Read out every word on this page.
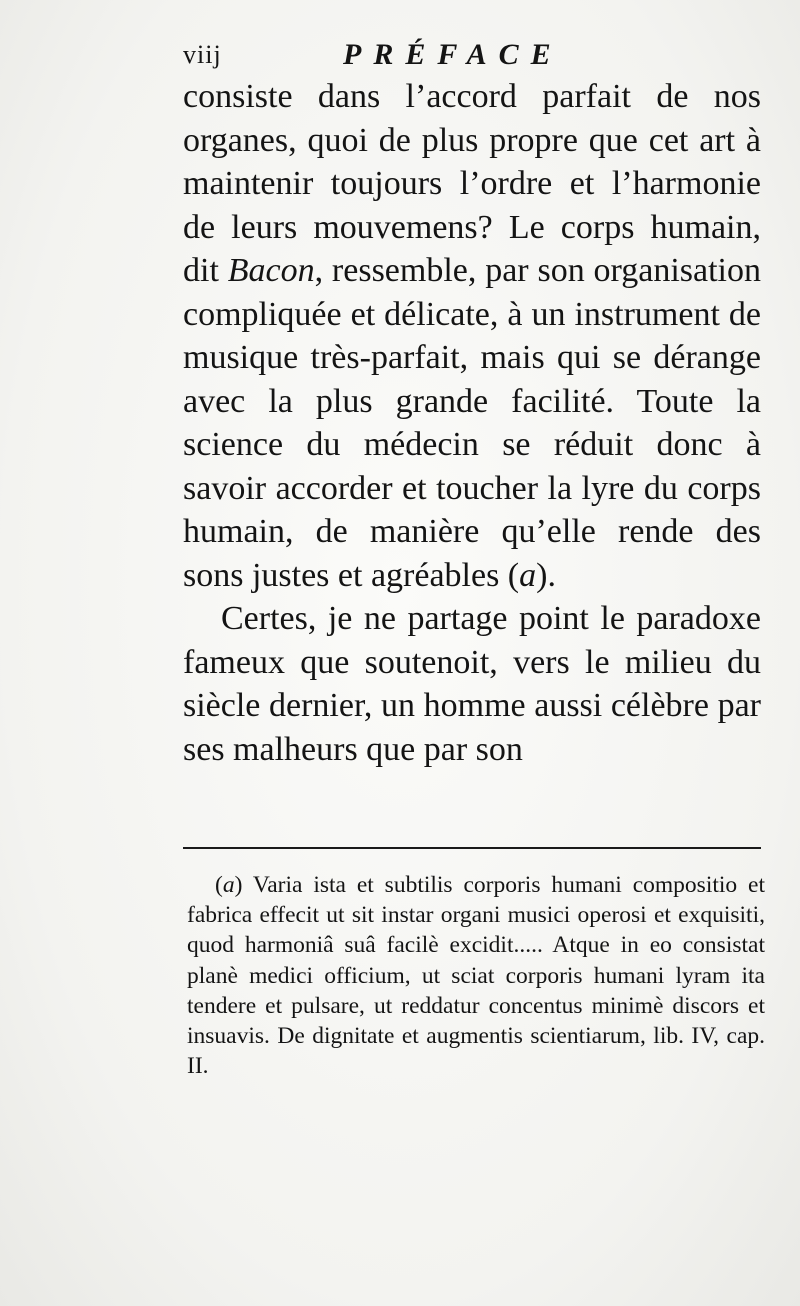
viij	PRÉFACE

consiste dans l’accord parfait de nos organes, quoi de plus propre que cet art à maintenir toujours l’ordre et l’harmonie de leurs mouvemens? Le corps humain, dit Bacon, ressemble, par son organisation compliquée et délicate, à un instrument de musique très-parfait, mais qui se dérange avec la plus grande facilité. Toute la science du médecin se réduit donc à savoir accorder et toucher la lyre du corps humain, de manière qu’elle rende des sons justes et agréables (a).

Certes, je ne partage point le paradoxe fameux que soutenoit, vers le milieu du siècle dernier, un homme aussi célèbre par ses malheurs que par son

(a) Varia ista et subtilis corporis humani compositio et fabrica effecit ut sit instar organi musici operosi et exquisiti, quod harmoniâ suâ facilè excidit..... Atque in eo consistat planè medici officium, ut sciat corporis humani lyram ita tendere et pulsare, ut reddatur concentus minimè discors et insuavis. De dignitate et augmentis scientiarum, lib. IV, cap. II.
